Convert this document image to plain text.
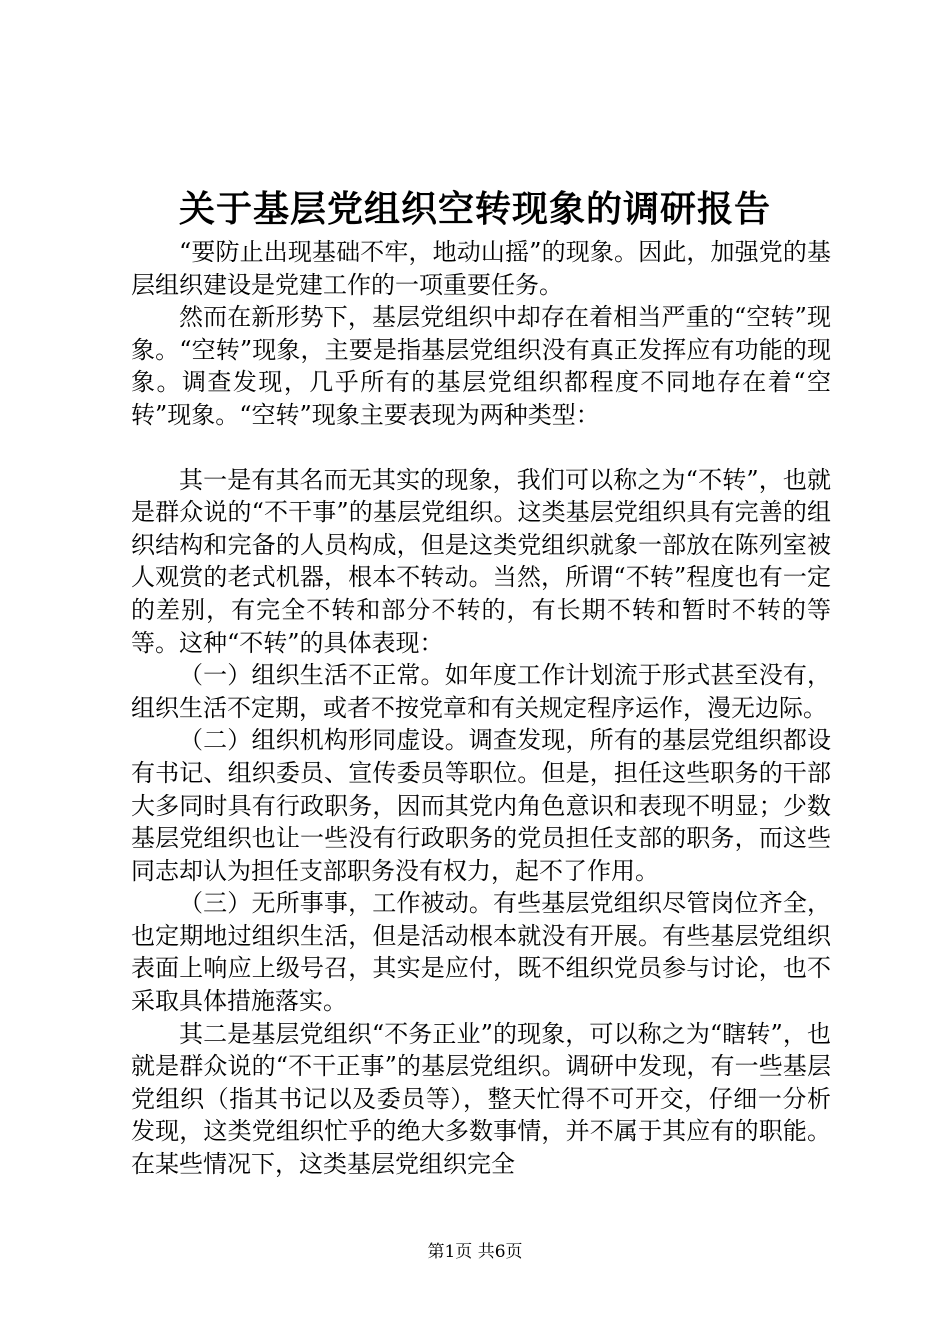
关于基层党组织空转现象的调研报告

“要防止出现基础不牢，地动山摇”的现象。因此，加强党的基层组织建设是党建工作的一项重要任务。

然而在新形势下，基层党组织中却存在着相当严重的“空转”现象。“空转”现象，主要是指基层党组织没有真正发挥应有功能的现象。调查发现，几乎所有的基层党组织都程度不同地存在着“空转”现象。“空转”现象主要表现为两种类型：

其一是有其名而无其实的现象，我们可以称之为“不转”，也就是群众说的“不干事”的基层党组织。这类基层党组织具有完善的组织结构和完备的人员构成，但是这类党组织就象一部放在陈列室被人观赏的老式机器，根本不转动。当然，所谓“不转”程度也有一定的差别，有完全不转和部分不转的，有长期不转和暂时不转的等等。这种“不转”的具体表现：

（一）组织生活不正常。如年度工作计划流于形式甚至没有，组织生活不定期，或者不按党章和有关规定程序运作，漫无边际。

（二）组织机构形同虚设。调查发现，所有的基层党组织都设有书记、组织委员、宣传委员等职位。但是，担任这些职务的干部大多同时具有行政职务，因而其党内角色意识和表现不明显；少数基层党组织也让一些没有行政职务的党员担任支部的职务，而这些同志却认为担任支部职务没有权力，起不了作用。

（三）无所事事，工作被动。有些基层党组织尽管岗位齐全，也定期地过组织生活，但是活动根本就没有开展。有些基层党组织表面上响应上级号召，其实是应付，既不组织党员参与讨论，也不采取具体措施落实。

其二是基层党组织“不务正业”的现象，可以称之为“瞎转”，也就是群众说的“不干正事”的基层党组织。调研中发现，有一些基层党组织（指其书记以及委员等），整天忙得不可开交，仔细一分析发现，这类党组织忙乎的绝大多数事情，并不属于其应有的职能。在某些情况下，这类基层党组织完全

第1页 共6页
